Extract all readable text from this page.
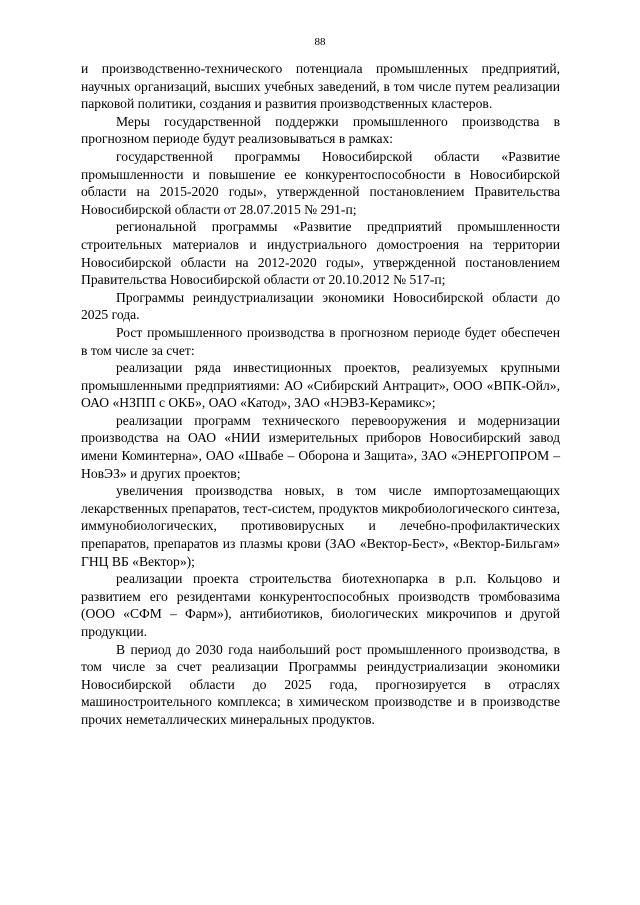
88

и производственно-технического потенциала промышленных предприятий, научных организаций, высших учебных заведений, в том числе путем реализации парковой политики, создания и развития производственных кластеров.

Меры государственной поддержки промышленного производства в прогнозном периоде будут реализовываться в рамках:

государственной программы Новосибирской области «Развитие промышленности и повышение ее конкурентоспособности в Новосибирской области на 2015-2020 годы», утвержденной постановлением Правительства Новосибирской области от 28.07.2015 № 291-п;

региональной программы «Развитие предприятий промышленности строительных материалов и индустриального домостроения на территории Новосибирской области на 2012-2020 годы», утвержденной постановлением Правительства Новосибирской области от 20.10.2012 № 517-п;

Программы реиндустриализации экономики Новосибирской области до 2025 года.

Рост промышленного производства в прогнозном периоде будет обеспечен в том числе за счет:

реализации ряда инвестиционных проектов, реализуемых крупными промышленными предприятиями: АО «Сибирский Антрацит», ООО «ВПК-Ойл», ОАО «НЗПП с ОКБ», ОАО «Катод», ЗАО «НЭВЗ-Керамикс»;

реализации программ технического перевооружения и модернизации производства на ОАО «НИИ измерительных приборов Новосибирский завод имени Коминтерна», ОАО «Швабе – Оборона и Защита», ЗАО «ЭНЕРГОПРОМ – НовЭЗ» и других проектов;

увеличения производства новых, в том числе импортозамещающих лекарственных препаратов, тест-систем, продуктов микробиологического синтеза, иммунобиологических, противовирусных и лечебно-профилактических препаратов, препаратов из плазмы крови (ЗАО «Вектор-Бест», «Вектор-Бильгам» ГНЦ ВБ «Вектор»);

реализации проекта строительства биотехнопарка в р.п. Кольцово и развитием его резидентами конкурентоспособных производств тромбовазима (ООО «СФМ – Фарм»), антибиотиков, биологических микрочипов и другой продукции.

В период до 2030 года наибольший рост промышленного производства, в том числе за счет реализации Программы реиндустриализации экономики Новосибирской области до 2025 года, прогнозируется в отраслях машиностроительного комплекса; в химическом производстве и в производстве прочих неметаллических минеральных продуктов.
